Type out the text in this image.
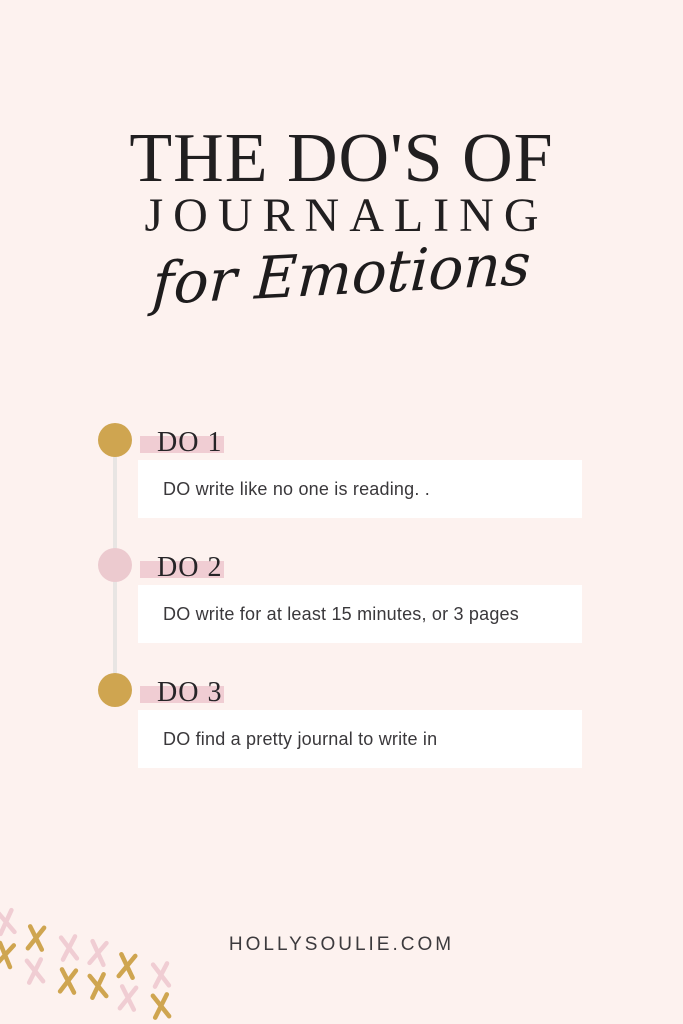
THE DO'S OF
JOURNALING
for Emotions
DO 1
DO write like no one is reading. .
DO 2
DO write for at least 15 minutes, or 3 pages
DO 3
DO find a pretty journal to write in
HOLLYSOULIE.COM
